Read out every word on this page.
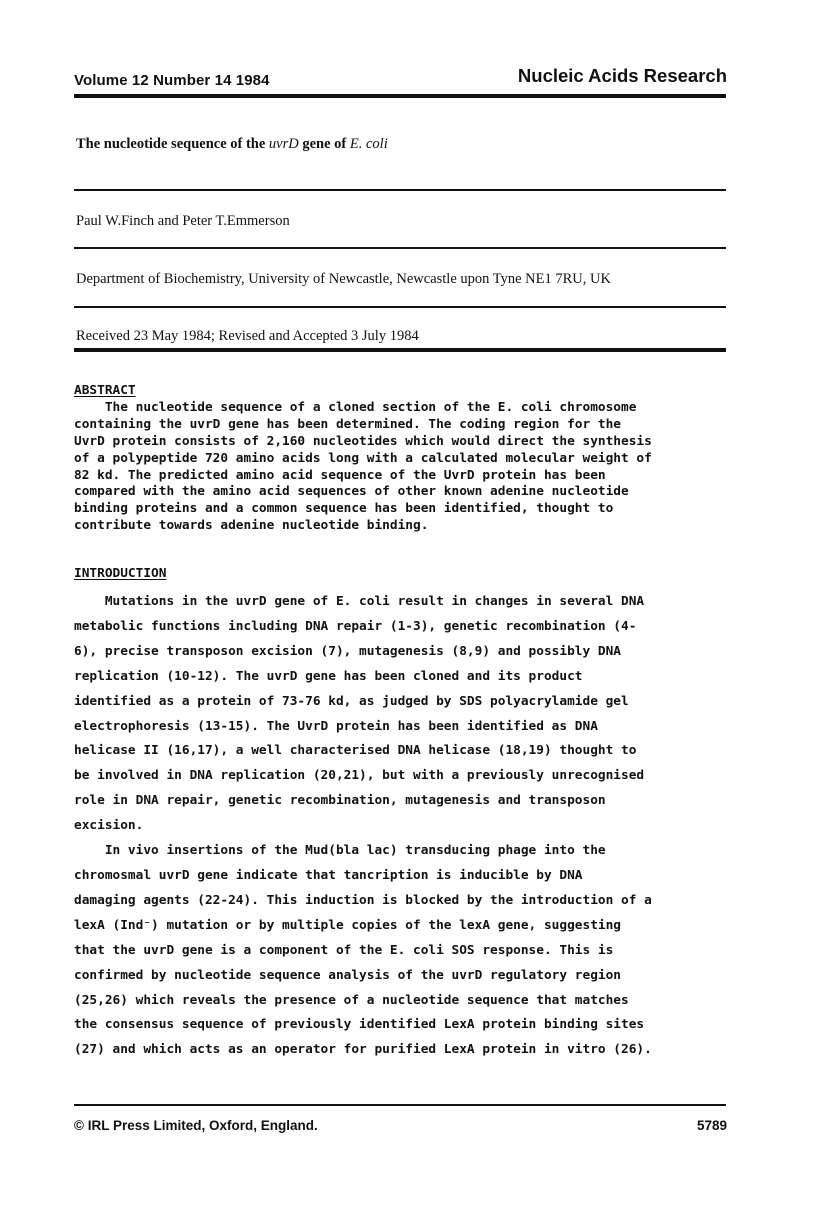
Volume 12 Number 14 1984	Nucleic Acids Research
The nucleotide sequence of the uvrD gene of E. coli
Paul W.Finch and Peter T.Emmerson
Department of Biochemistry, University of Newcastle, Newcastle upon Tyne NE1 7RU, UK
Received 23 May 1984; Revised and Accepted 3 July 1984
ABSTRACT
The nucleotide sequence of a cloned section of the E. coli chromosome
containing the uvrD gene has been determined. The coding region for the
UvrD protein consists of 2,160 nucleotides which would direct the synthesis
of a polypeptide 720 amino acids long with a calculated molecular weight of
82 kd. The predicted amino acid sequence of the UvrD protein has been
compared with the amino acid sequences of other known adenine nucleotide
binding proteins and a common sequence has been identified, thought to
contribute towards adenine nucleotide binding.
INTRODUCTION
Mutations in the uvrD gene of E. coli result in changes in several DNA
metabolic functions including DNA repair (1-3), genetic recombination (4-
6), precise transposon excision (7), mutagenesis (8,9) and possibly DNA
replication (10-12). The uvrD gene has been cloned and its product
identified as a protein of 73-76 kd, as judged by SDS polyacrylamide gel
electrophoresis (13-15). The UvrD protein has been identified as DNA
helicase II (16,17), a well characterised DNA helicase (18,19) thought to
be involved in DNA replication (20,21), but with a previously unrecognised
role in DNA repair, genetic recombination, mutagenesis and transposon
excision.
In vivo insertions of the Mud(bla lac) transducing phage into the
chromosmal uvrD gene indicate that tancription is inducible by DNA
damaging agents (22-24). This induction is blocked by the introduction of a
lexA (Ind⁻) mutation or by multiple copies of the lexA gene, suggesting
that the uvrD gene is a component of the E. coli SOS response. This is
confirmed by nucleotide sequence analysis of the uvrD regulatory region
(25,26) which reveals the presence of a nucleotide sequence that matches
the consensus sequence of previously identified LexA protein binding sites
(27) and which acts as an operator for purified LexA protein in vitro (26).
© IRL Press Limited, Oxford, England.	5789
